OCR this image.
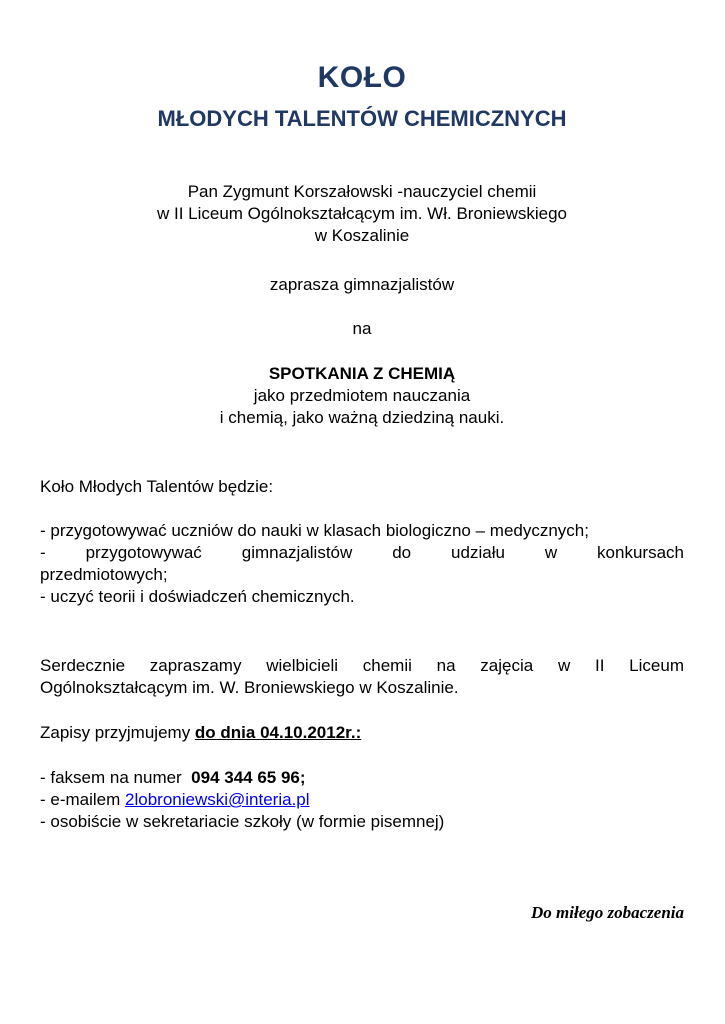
KOŁO
MŁODYCH TALENTÓW CHEMICZNYCH
Pan Zygmunt Korszałowski -nauczyciel chemii
w II Liceum Ogólnokształcącym im. Wł. Broniewskiego
w Koszalinie
zaprasza gimnazjalistów
na
SPOTKANIA Z CHEMIĄ
jako przedmiotem nauczania
i chemią, jako ważną dziedziną nauki.
Koło Młodych Talentów będzie:
- przygotowywać uczniów do nauki w klasach biologiczno – medycznych;
- przygotowywać gimnazjalistów do udziału w konkursach
przedmiotowych;
- uczyć teorii i doświadczeń chemicznych.
Serdecznie zapraszamy wielbicieli chemii na zajęcia w II Liceum
Ogólnokształcącym im. W. Broniewskiego w Koszalinie.
Zapisy przyjmujemy do dnia 04.10.2012r.:
- faksem na numer  094 344 65 96;
- e-mailem 2lobroniewski@interia.pl
- osobiście w sekretariacie szkoły (w formie pisemnej)
Do miłego zobaczenia
